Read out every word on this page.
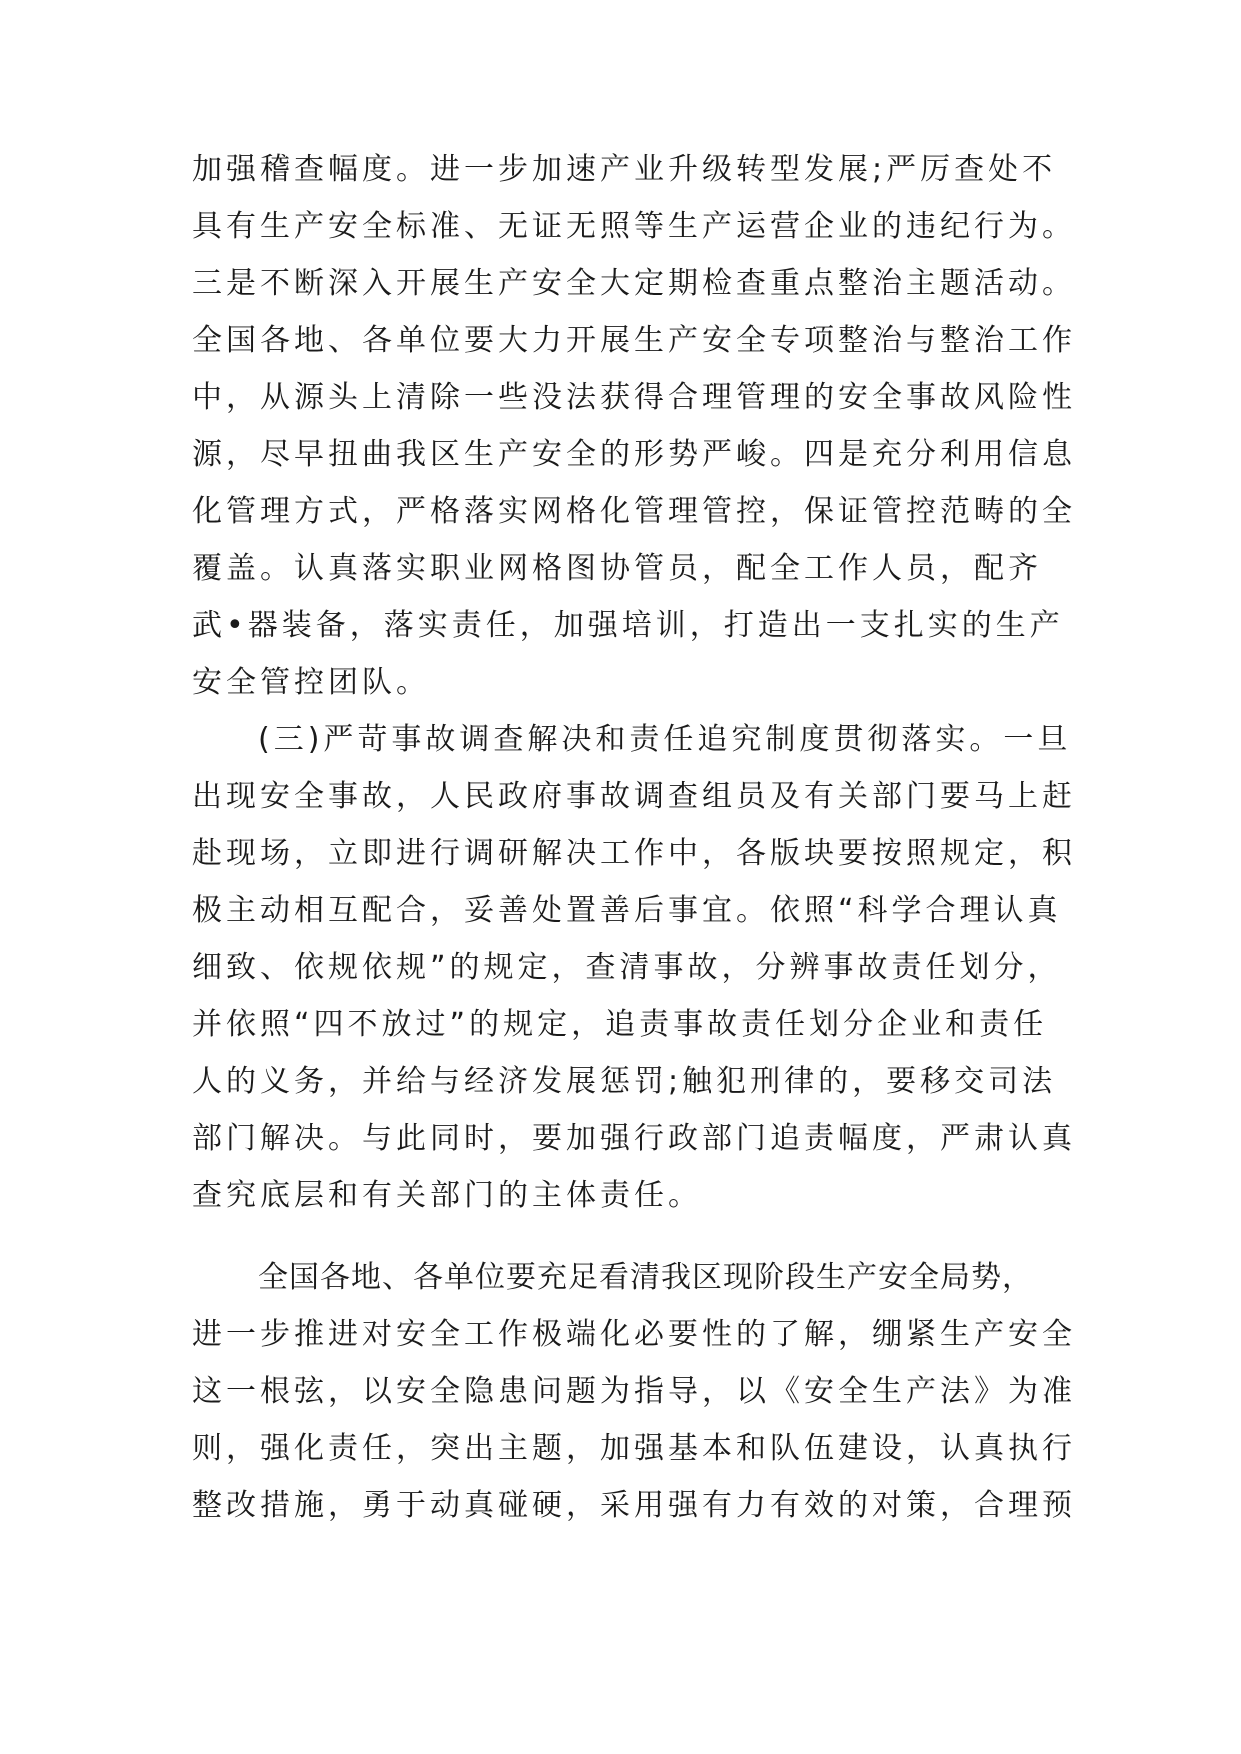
加强稽查幅度。进一步加速产业升级转型发展;严厉查处不
具有生产安全标准、无证无照等生产运营企业的违纪行为。
三是不断深入开展生产安全大定期检查重点整治主题活动。
全国各地、各单位要大力开展生产安全专项整治与整治工作
中，从源头上清除一些没法获得合理管理的安全事故风险性
源，尽早扭曲我区生产安全的形势严峻。四是充分利用信息
化管理方式，严格落实网格化管理管控，保证管控范畴的全
覆盖。认真落实职业网格图协管员，配全工作人员，配齐
武•器装备，落实责任，加强培训，打造出一支扎实的生产
安全管控团队。
(三)严苛事故调查解决和责任追究制度贯彻落实。一旦
出现安全事故，人民政府事故调查组员及有关部门要马上赶
赴现场，立即进行调研解决工作中，各版块要按照规定，积
极主动相互配合，妥善处置善后事宜。依照“科学合理认真
细致、依规依规”的规定，查清事故，分辨事故责任划分，
并依照“四不放过”的规定，追责事故责任划分企业和责任
人的义务，并给与经济发展惩罚;触犯刑律的，要移交司法
部门解决。与此同时，要加强行政部门追责幅度，严肃认真
查究底层和有关部门的主体责任。
全国各地、各单位要充足看清我区现阶段生产安全局势，
进一步推进对安全工作极端化必要性的了解，绷紧生产安全
这一根弦，以安全隐患问题为指导，以《安全生产法》为准
则，强化责任，突出主题，加强基本和队伍建设，认真执行
整改措施，勇于动真碰硬，采用强有力有效的对策，合理预
